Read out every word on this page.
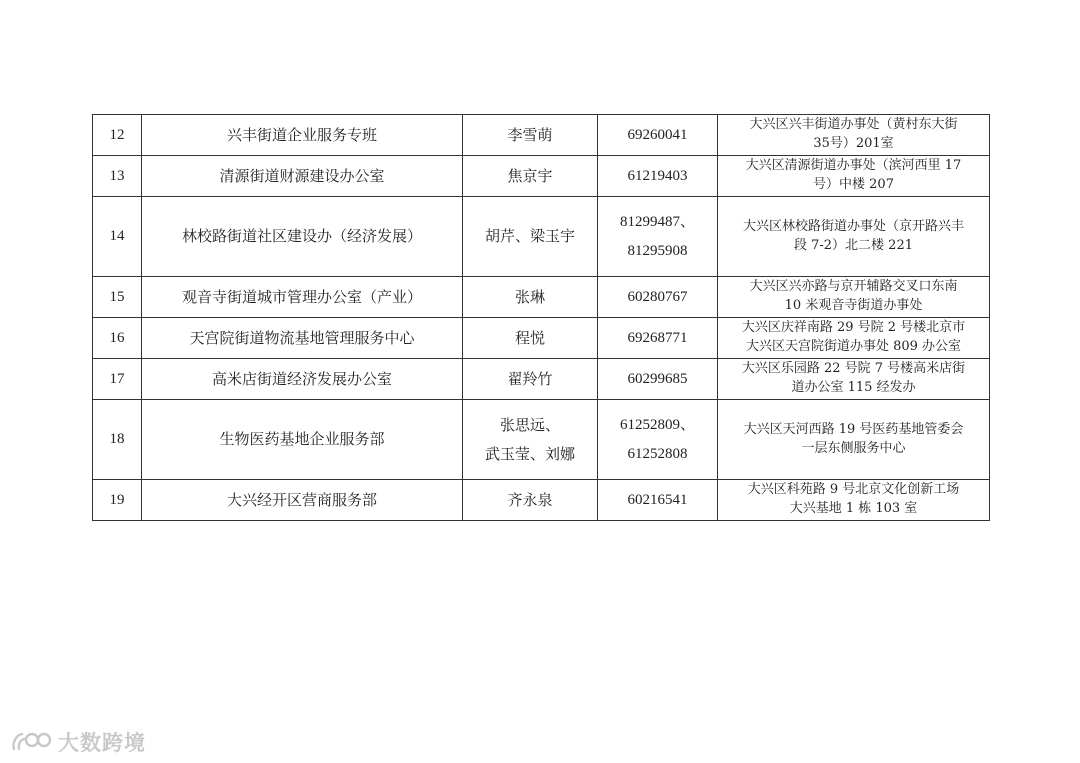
12	兴丰街道企业服务专班	李雪萌	69260041	大兴区兴丰街道办事处（黄村东大街
35号）201室

13	清源街道财源建设办公室	焦京宇	61219403	大兴区清源街道办事处（滨河西里 17
号）中楼 207

14	林校路街道社区建设办（经济发展）	胡芹、梁玉宇	81299487、
81295908	大兴区林校路街道办事处（京开路兴丰
段 7-2）北二楼 221

15	观音寺街道城市管理办公室（产业）	张琳	60280767	大兴区兴亦路与京开辅路交叉口东南
10 米观音寺街道办事处

16	天宫院街道物流基地管理服务中心	程悦	69268771	大兴区庆祥南路 29 号院 2 号楼北京市
大兴区天宫院街道办事处 809 办公室

17	高米店街道经济发展办公室	翟羚竹	60299685	大兴区乐园路 22 号院 7 号楼高米店街
道办公室 115 经发办

18	生物医药基地企业服务部	张思远、
武玉莹、刘娜	61252809、
61252808	大兴区天河西路 19 号医药基地管委会
一层东侧服务中心

19	大兴经开区营商服务部	齐永泉	60216541	大兴区科苑路 9 号北京文化创新工场
大兴基地 1 栋 103 室
大数跨境
